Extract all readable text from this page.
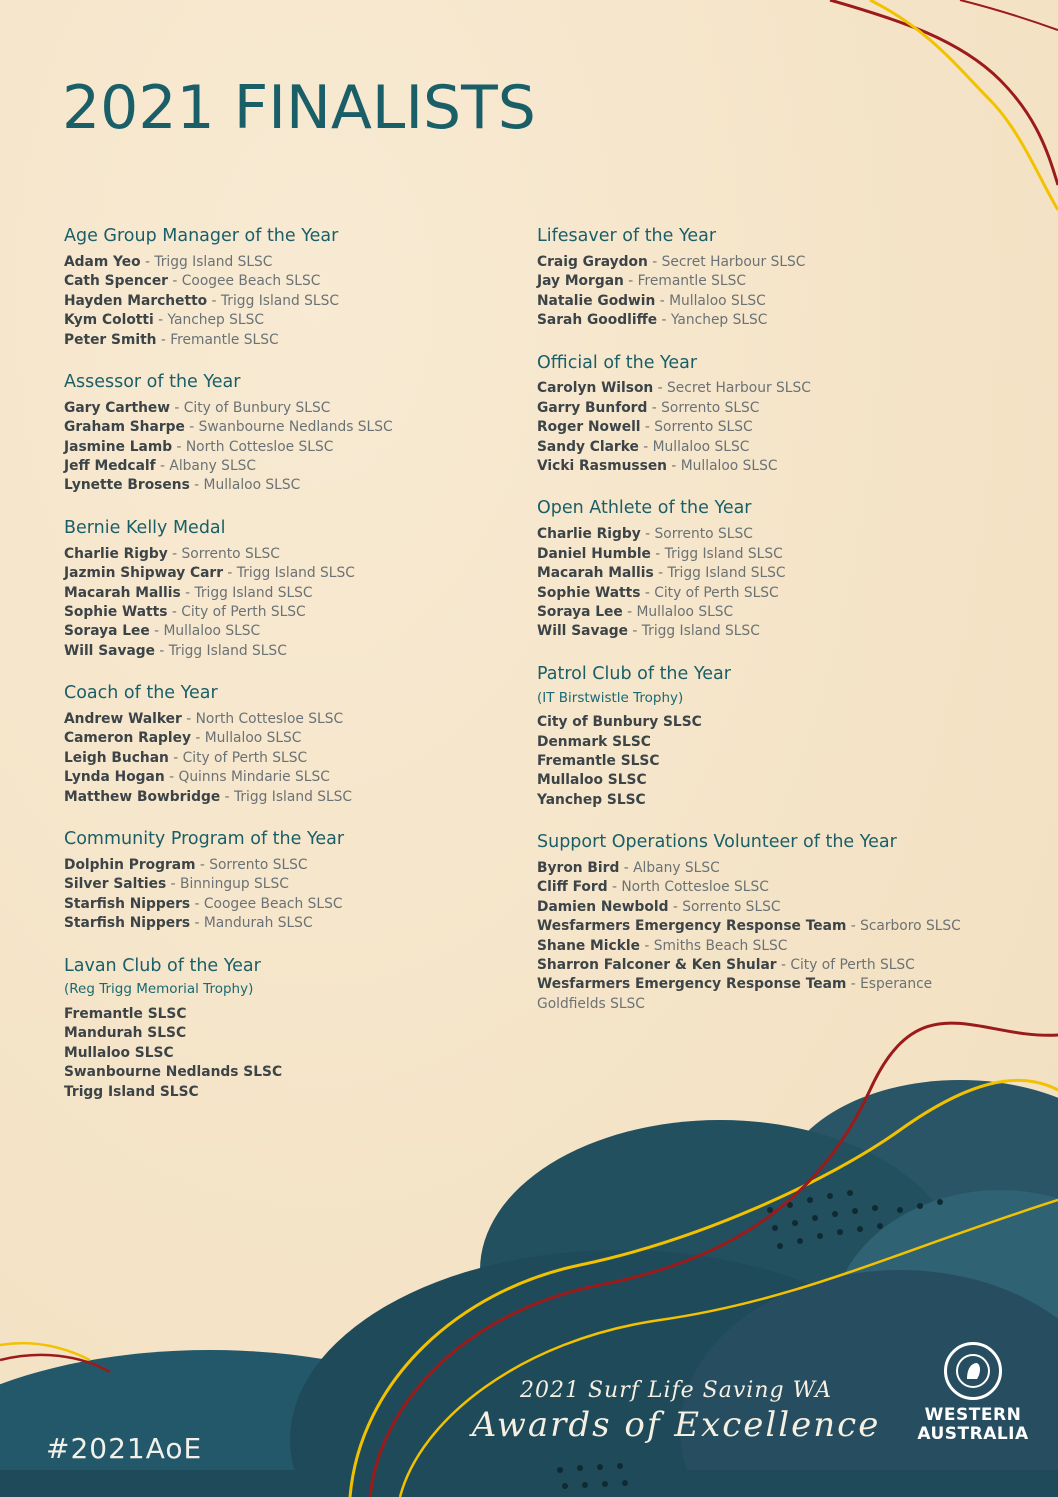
2021 FINALISTS
Age Group Manager of the Year
Adam Yeo - Trigg Island SLSC
Cath Spencer - Coogee Beach SLSC
Hayden Marchetto - Trigg Island SLSC
Kym Colotti - Yanchep SLSC
Peter Smith - Fremantle SLSC
Assessor of the Year
Gary Carthew - City of Bunbury SLSC
Graham Sharpe - Swanbourne Nedlands SLSC
Jasmine Lamb - North Cottesloe SLSC
Jeff Medcalf - Albany SLSC
Lynette Brosens - Mullaloo SLSC
Bernie Kelly Medal
Charlie Rigby - Sorrento SLSC
Jazmin Shipway Carr - Trigg Island SLSC
Macarah Mallis - Trigg Island SLSC
Sophie Watts - City of Perth SLSC
Soraya Lee - Mullaloo SLSC
Will Savage - Trigg Island SLSC
Coach of the Year
Andrew Walker - North Cottesloe SLSC
Cameron Rapley - Mullaloo SLSC
Leigh Buchan - City of Perth SLSC
Lynda Hogan - Quinns Mindarie SLSC
Matthew Bowbridge - Trigg Island SLSC
Community Program of the Year
Dolphin Program - Sorrento SLSC
Silver Salties - Binningup SLSC
Starfish Nippers - Coogee Beach SLSC
Starfish Nippers - Mandurah SLSC
Lavan Club of the Year
(Reg Trigg Memorial Trophy)
Fremantle SLSC
Mandurah SLSC
Mullaloo SLSC
Swanbourne Nedlands SLSC
Trigg Island SLSC
Lifesaver of the Year
Craig Graydon - Secret Harbour SLSC
Jay Morgan - Fremantle SLSC
Natalie Godwin - Mullaloo SLSC
Sarah Goodliffe - Yanchep SLSC
Official of the Year
Carolyn Wilson - Secret Harbour SLSC
Garry Bunford - Sorrento SLSC
Roger Nowell - Sorrento SLSC
Sandy Clarke - Mullaloo SLSC
Vicki Rasmussen - Mullaloo SLSC
Open Athlete of the Year
Charlie Rigby - Sorrento SLSC
Daniel Humble - Trigg Island SLSC
Macarah Mallis - Trigg Island SLSC
Sophie Watts - City of Perth SLSC
Soraya Lee - Mullaloo SLSC
Will Savage - Trigg Island SLSC
Patrol Club of the Year
(IT Birstwistle Trophy)
City of Bunbury SLSC
Denmark SLSC
Fremantle SLSC
Mullaloo SLSC
Yanchep SLSC
Support Operations Volunteer of the Year
Byron Bird - Albany SLSC
Cliff Ford - North Cottesloe SLSC
Damien Newbold - Sorrento SLSC
Wesfarmers Emergency Response Team - Scarboro SLSC
Shane Mickle - Smiths Beach SLSC
Sharron Falconer & Ken Shular - City of Perth SLSC
Wesfarmers Emergency Response Team - Esperance Goldfields SLSC
#2021AoE
2021 Surf Life Saving WA
Awards of Excellence	WESTERN
AUSTRALIA
